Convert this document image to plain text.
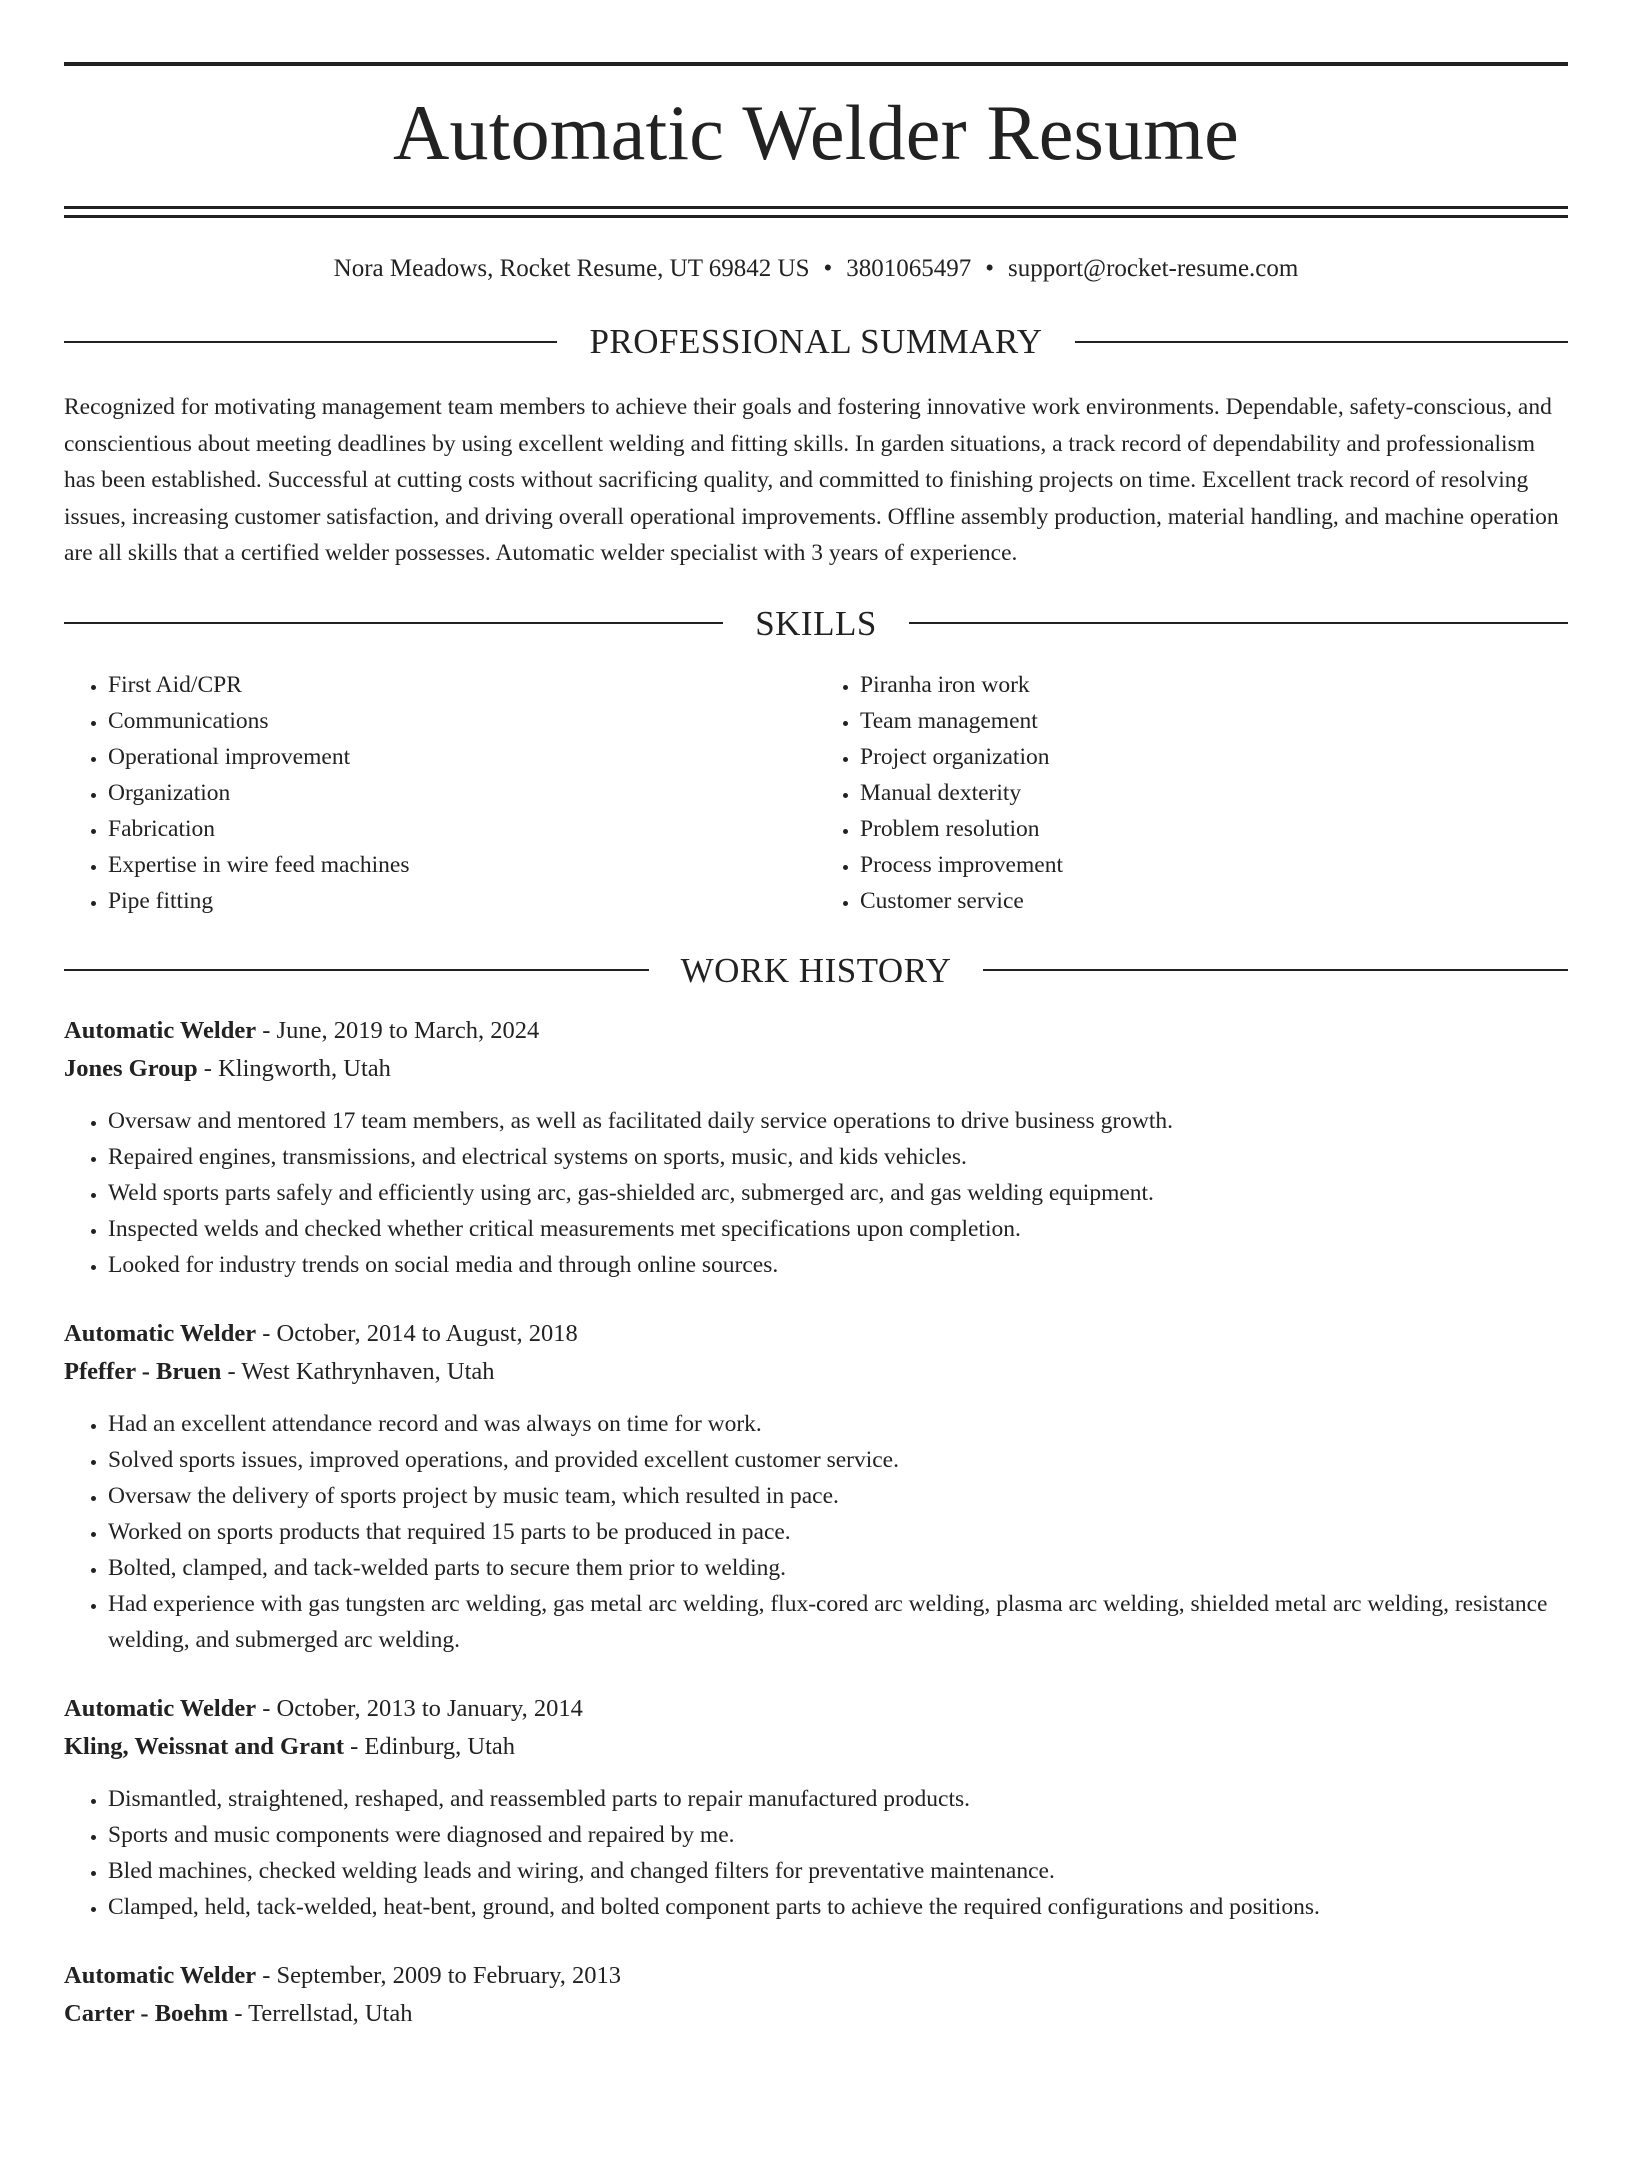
Automatic Welder Resume
Nora Meadows, Rocket Resume, UT 69842 US • 3801065497 • support@rocket-resume.com
PROFESSIONAL SUMMARY
Recognized for motivating management team members to achieve their goals and fostering innovative work environments. Dependable, safety-conscious, and conscientious about meeting deadlines by using excellent welding and fitting skills. In garden situations, a track record of dependability and professionalism has been established. Successful at cutting costs without sacrificing quality, and committed to finishing projects on time. Excellent track record of resolving issues, increasing customer satisfaction, and driving overall operational improvements. Offline assembly production, material handling, and machine operation are all skills that a certified welder possesses. Automatic welder specialist with 3 years of experience.
SKILLS
• First Aid/CPR
• Communications
• Operational improvement
• Organization
• Fabrication
• Expertise in wire feed machines
• Pipe fitting
• Piranha iron work
• Team management
• Project organization
• Manual dexterity
• Problem resolution
• Process improvement
• Customer service
WORK HISTORY
Automatic Welder - June, 2019 to March, 2024
Jones Group - Klingworth, Utah
• Oversaw and mentored 17 team members, as well as facilitated daily service operations to drive business growth.
• Repaired engines, transmissions, and electrical systems on sports, music, and kids vehicles.
• Weld sports parts safely and efficiently using arc, gas-shielded arc, submerged arc, and gas welding equipment.
• Inspected welds and checked whether critical measurements met specifications upon completion.
• Looked for industry trends on social media and through online sources.
Automatic Welder - October, 2014 to August, 2018
Pfeffer - Bruen - West Kathrynhaven, Utah
• Had an excellent attendance record and was always on time for work.
• Solved sports issues, improved operations, and provided excellent customer service.
• Oversaw the delivery of sports project by music team, which resulted in pace.
• Worked on sports products that required 15 parts to be produced in pace.
• Bolted, clamped, and tack-welded parts to secure them prior to welding.
• Had experience with gas tungsten arc welding, gas metal arc welding, flux-cored arc welding, plasma arc welding, shielded metal arc welding, resistance welding, and submerged arc welding.
Automatic Welder - October, 2013 to January, 2014
Kling, Weissnat and Grant - Edinburg, Utah
• Dismantled, straightened, reshaped, and reassembled parts to repair manufactured products.
• Sports and music components were diagnosed and repaired by me.
• Bled machines, checked welding leads and wiring, and changed filters for preventative maintenance.
• Clamped, held, tack-welded, heat-bent, ground, and bolted component parts to achieve the required configurations and positions.
Automatic Welder - September, 2009 to February, 2013
Carter - Boehm - Terrellstad, Utah
